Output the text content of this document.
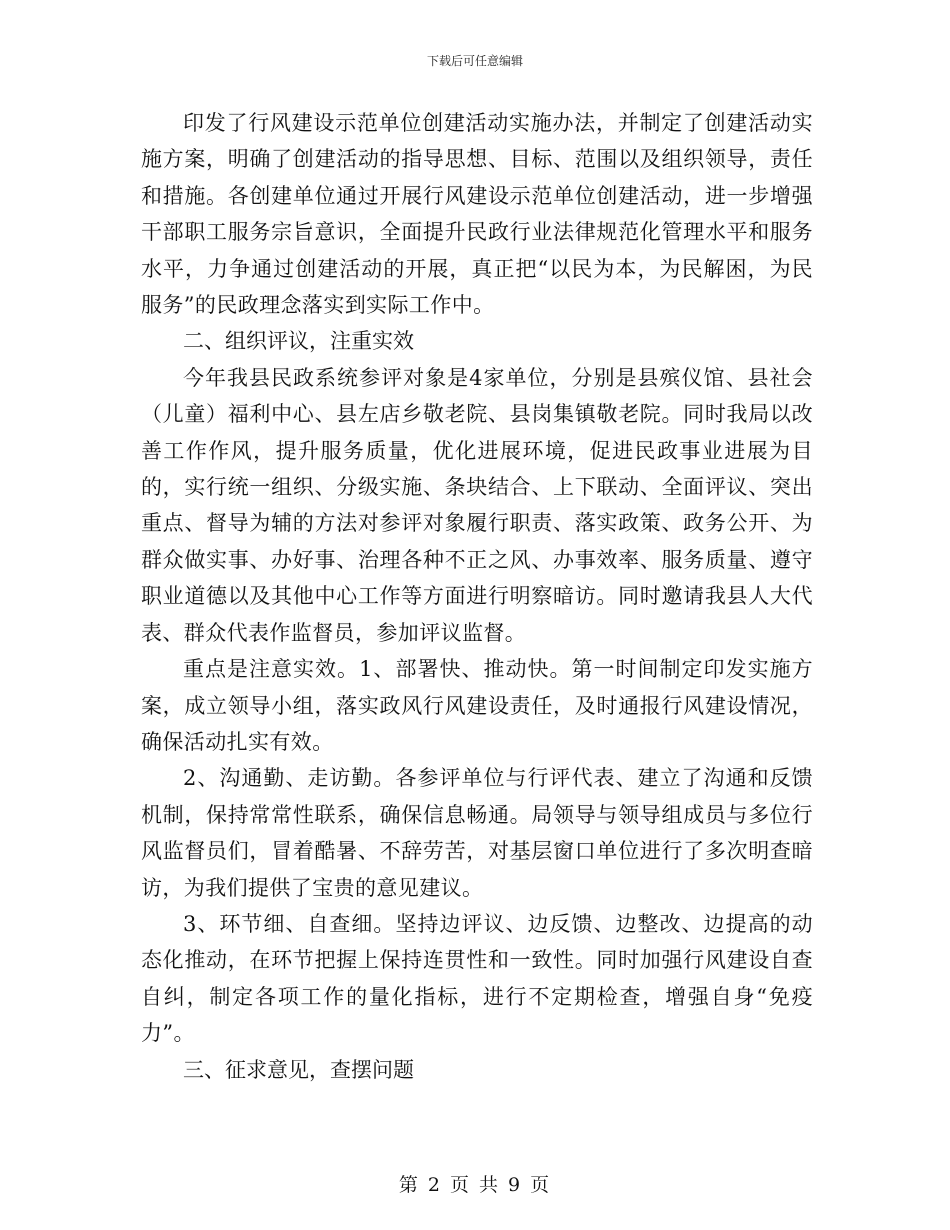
下载后可任意编辑

印发了行风建设示范单位创建活动实施办法，并制定了创建活动实施方案，明确了创建活动的指导思想、目标、范围以及组织领导，责任和措施。各创建单位通过开展行风建设示范单位创建活动，进一步增强干部职工服务宗旨意识，全面提升民政行业法律规范化管理水平和服务水平，力争通过创建活动的开展，真正把“以民为本，为民解困，为民服务”的民政理念落实到实际工作中。

二、组织评议，注重实效

今年我县民政系统参评对象是4家单位，分别是县殡仪馆、县社会（儿童）福利中心、县左店乡敬老院、县岗集镇敬老院。同时我局以改善工作作风，提升服务质量，优化进展环境，促进民政事业进展为目的，实行统一组织、分级实施、条块结合、上下联动、全面评议、突出重点、督导为辅的方法对参评对象履行职责、落实政策、政务公开、为群众做实事、办好事、治理各种不正之风、办事效率、服务质量、遵守职业道德以及其他中心工作等方面进行明察暗访。同时邀请我县人大代表、群众代表作监督员，参加评议监督。

重点是注意实效。1、部署快、推动快。第一时间制定印发实施方案，成立领导小组，落实政风行风建设责任，及时通报行风建设情况，确保活动扎实有效。

2、沟通勤、走访勤。各参评单位与行评代表、建立了沟通和反馈机制，保持常常性联系，确保信息畅通。局领导与领导组成员与多位行风监督员们，冒着酷暑、不辞劳苦，对基层窗口单位进行了多次明查暗访，为我们提供了宝贵的意见建议。

3、环节细、自查细。坚持边评议、边反馈、边整改、边提高的动态化推动，在环节把握上保持连贯性和一致性。同时加强行风建设自查自纠，制定各项工作的量化指标，进行不定期检查，增强自身“免疫力”。

三、征求意见，查摆问题

第 2 页 共 9 页
